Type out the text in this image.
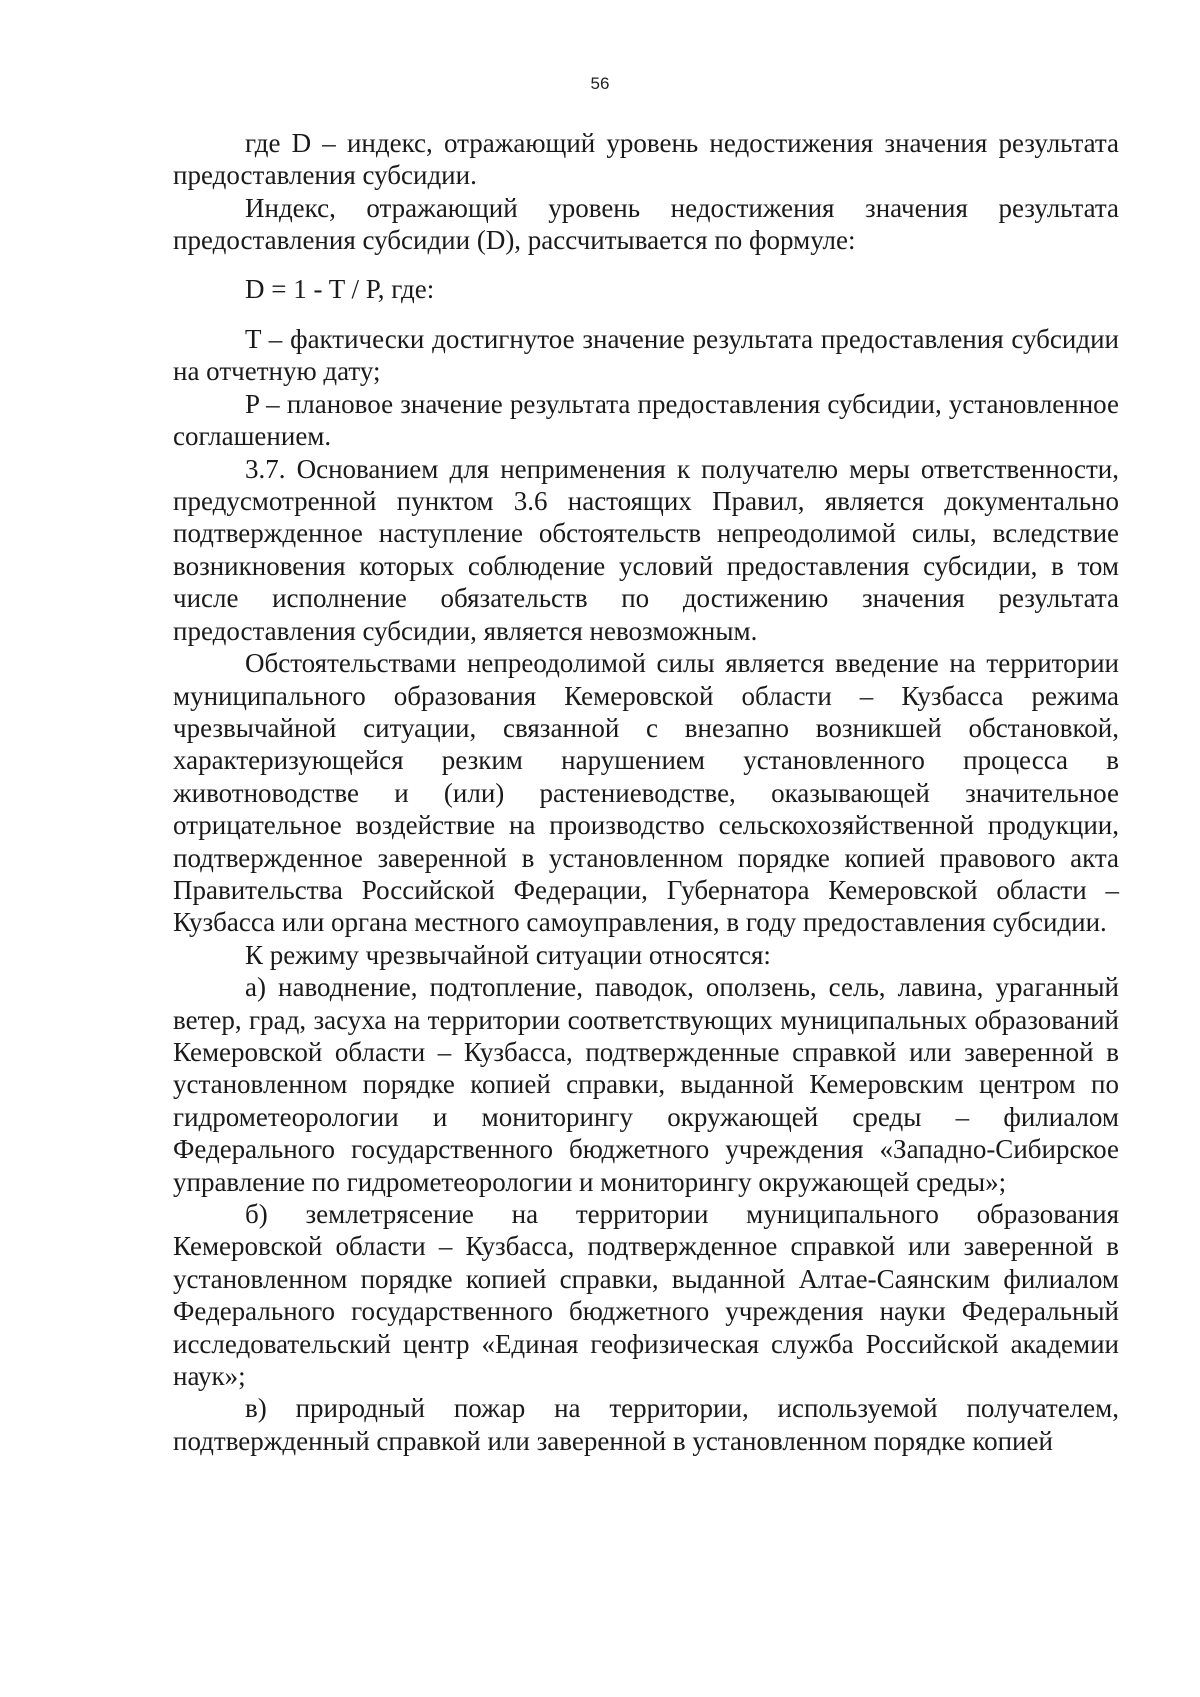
56

где D – индекс, отражающий уровень недостижения значения результата предоставления субсидии.

Индекс, отражающий уровень недостижения значения результата предоставления субсидии (D), рассчитывается по формуле:

D = 1 - T / P, где:

T – фактически достигнутое значение результата предоставления субсидии на отчетную дату;

P – плановое значение результата предоставления субсидии, установленное соглашением.

3.7. Основанием для неприменения к получателю меры ответственности, предусмотренной пунктом 3.6 настоящих Правил, является документально подтвержденное наступление обстоятельств непреодолимой силы, вследствие возникновения которых соблюдение условий предоставления субсидии, в том числе исполнение обязательств по достижению значения результата предоставления субсидии, является невозможным.

Обстоятельствами непреодолимой силы является введение на территории муниципального образования Кемеровской области – Кузбасса режима чрезвычайной ситуации, связанной с внезапно возникшей обстановкой, характеризующейся резким нарушением установленного процесса в животноводстве и (или) растениеводстве, оказывающей значительное отрицательное воздействие на производство сельскохозяйственной продукции, подтвержденное заверенной в установленном порядке копией правового акта Правительства Российской Федерации, Губернатора Кемеровской области – Кузбасса или органа местного самоуправления, в году предоставления субсидии.

К режиму чрезвычайной ситуации относятся:

а) наводнение, подтопление, паводок, оползень, сель, лавина, ураганный ветер, град, засуха на территории соответствующих муниципальных образований Кемеровской области – Кузбасса, подтвержденные справкой или заверенной в установленном порядке копией справки, выданной Кемеровским центром по гидрометеорологии и мониторингу окружающей среды – филиалом Федерального государственного бюджетного учреждения «Западно-Сибирское управление по гидрометеорологии и мониторингу окружающей среды»;

б) землетрясение на территории муниципального образования Кемеровской области – Кузбасса, подтвержденное справкой или заверенной в установленном порядке копией справки, выданной Алтае-Саянским филиалом Федерального государственного бюджетного учреждения науки Федеральный исследовательский центр «Единая геофизическая служба Российской академии наук»;

в) природный пожар на территории, используемой получателем, подтвержденный справкой или заверенной в установленном порядке копией
